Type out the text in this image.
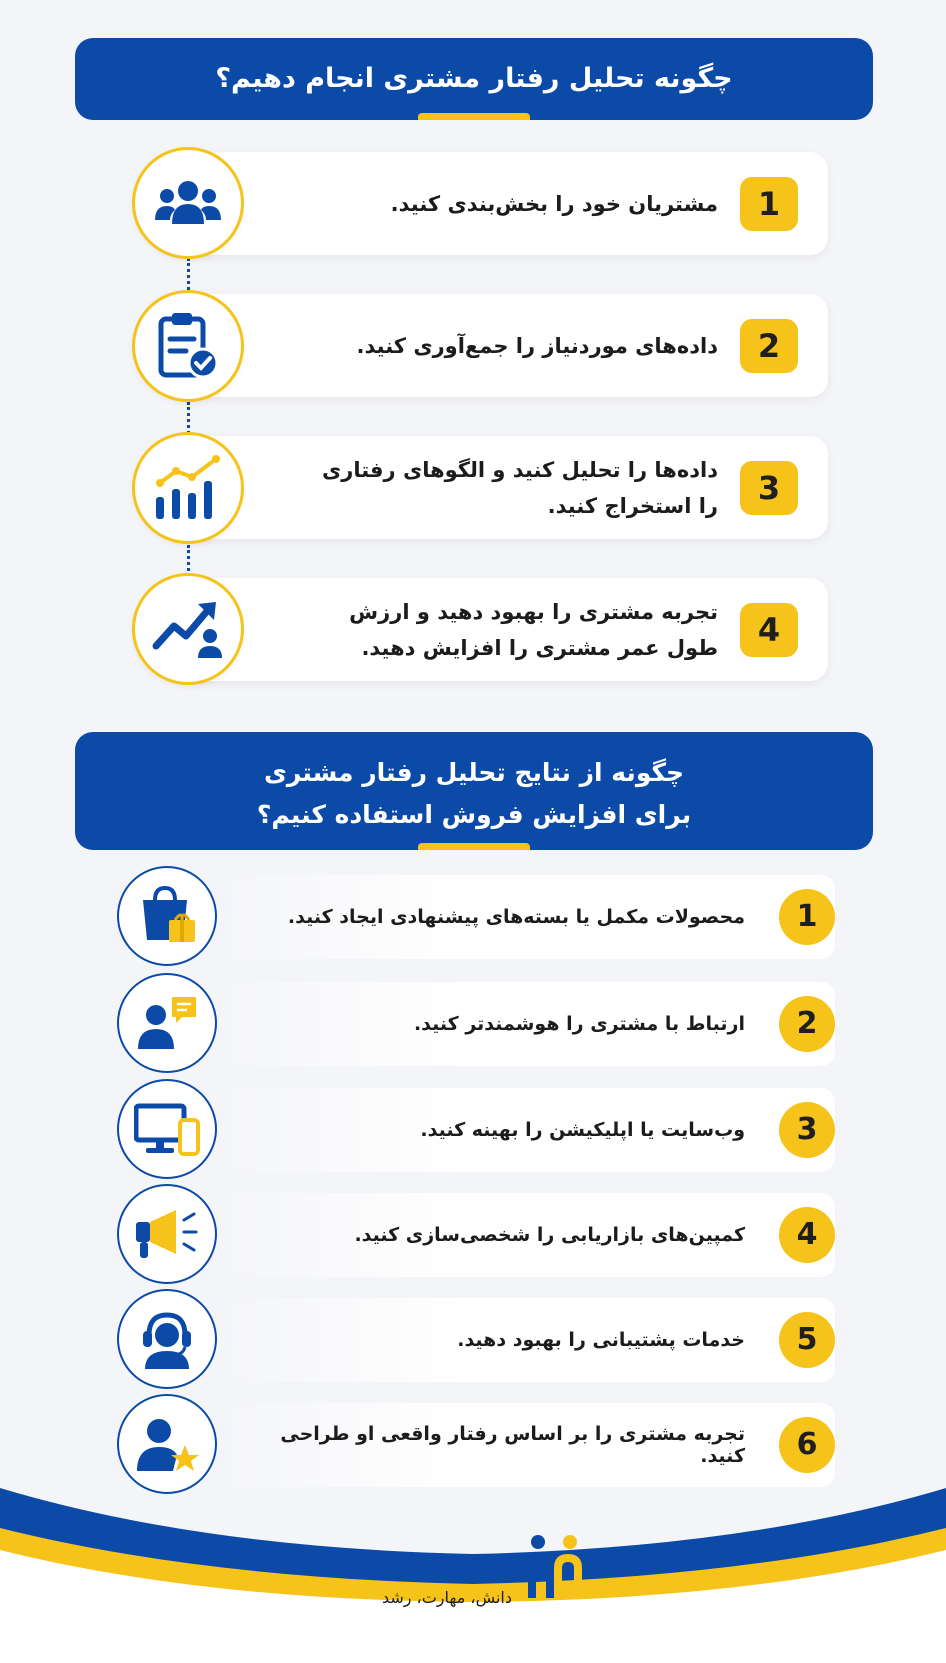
چگونه تحلیل رفتار مشتری انجام دهیم؟
1
مشتریان خود را بخش‌بندی کنید.
2
داده‌های موردنیاز را جمع‌آوری کنید.
3
داده‌ها را تحلیل کنید و الگوهای رفتاری را استخراج کنید.
4
تجربه مشتری را بهبود دهید و ارزش طول عمر مشتری را افزایش دهید.
چگونه از نتایج تحلیل رفتار مشتری
برای افزایش فروش استفاده کنیم؟
1
محصولات مکمل یا بسته‌های پیشنهادی ایجاد کنید.
2
ارتباط با مشتری را هوشمندتر کنید.
3
وب‌سایت یا اپلیکیشن را بهینه کنید.
4
کمپین‌های بازاریابی را شخصی‌سازی کنید.
5
خدمات پشتیبانی را بهبود دهید.
6
تجربه مشتری را بر اساس رفتار واقعی او طراحی کنید.
مدیرنو
دانش، مهارت، رشد
